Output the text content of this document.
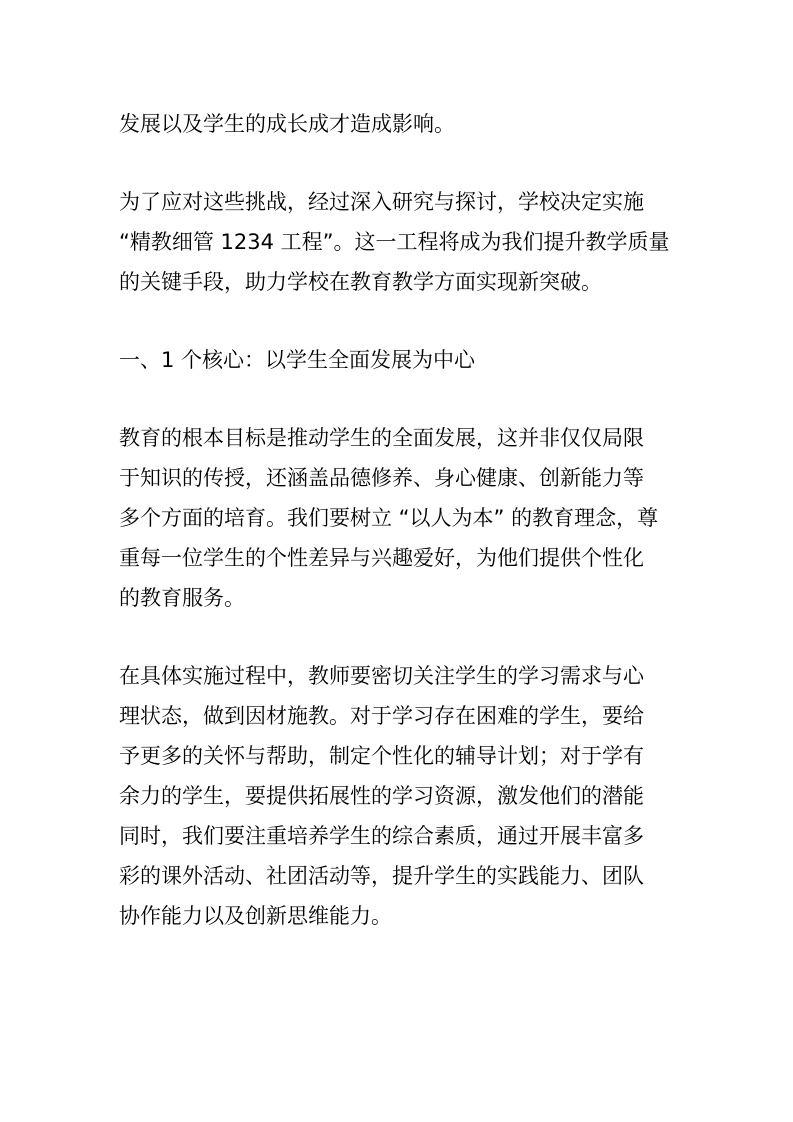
发展以及学生的成长成才造成影响。

为了应对这些挑战，经过深入研究与探讨，学校决定实施
“精教细管 1234 工程”。这一工程将成为我们提升教学质量
的关键手段，助力学校在教育教学方面实现新突破。

一、1 个核心：以学生全面发展为中心

教育的根本目标是推动学生的全面发展，这并非仅仅局限
于知识的传授，还涵盖品德修养、身心健康、创新能力等
多个方面的培育。我们要树立 “以人为本” 的教育理念，尊
重每一位学生的个性差异与兴趣爱好，为他们提供个性化
的教育服务。

在具体实施过程中，教师要密切关注学生的学习需求与心
理状态，做到因材施教。对于学习存在困难的学生，要给
予更多的关怀与帮助，制定个性化的辅导计划；对于学有
余力的学生，要提供拓展性的学习资源，激发他们的潜能
同时，我们要注重培养学生的综合素质，通过开展丰富多
彩的课外活动、社团活动等，提升学生的实践能力、团队
协作能力以及创新思维能力。
